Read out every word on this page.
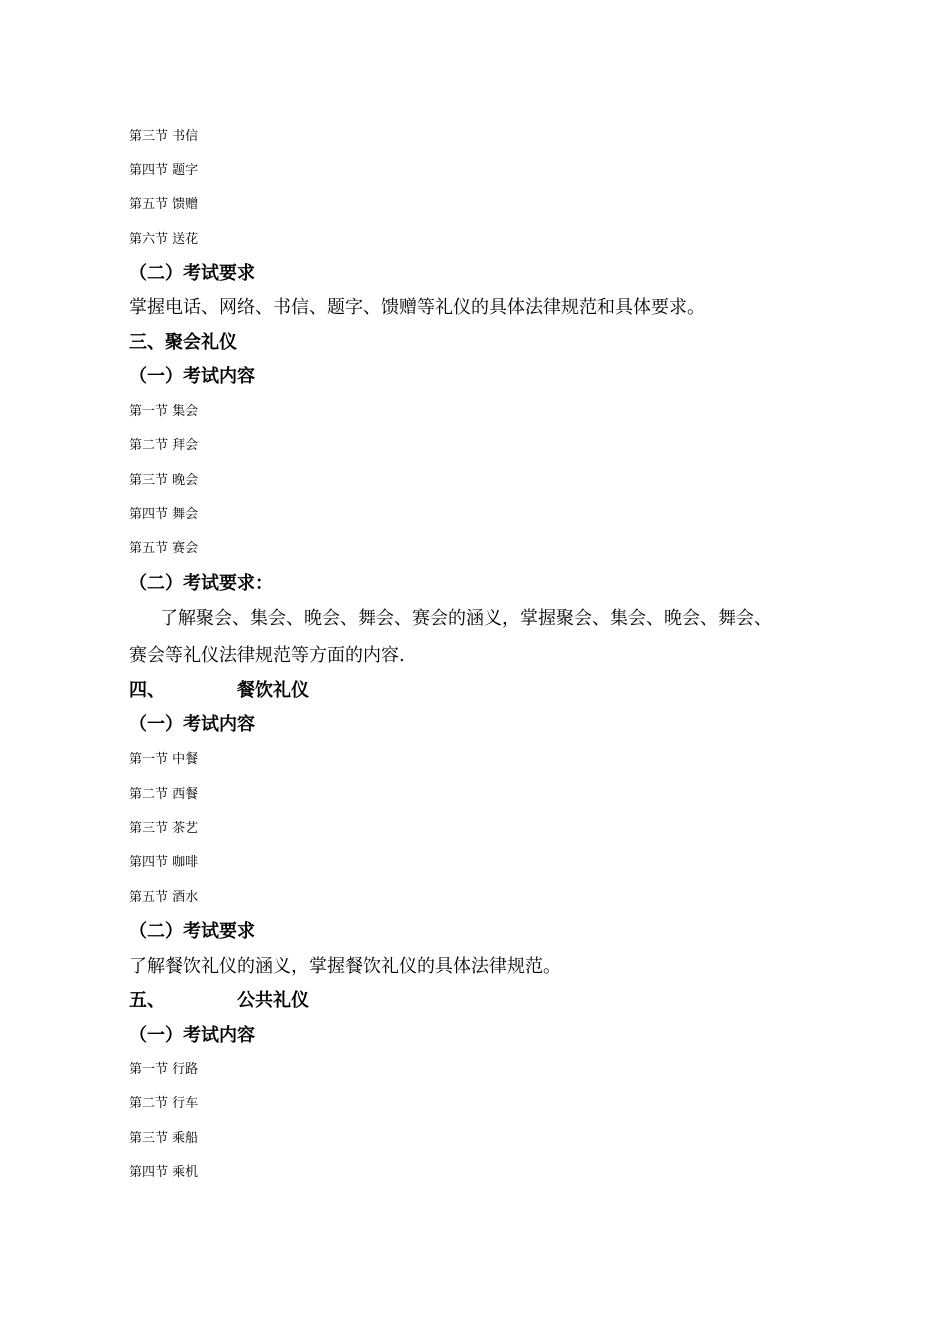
第三节 书信
第四节 题字
第五节 馈赠
第六节 送花
（二）考试要求
掌握电话、网络、书信、题字、馈赠等礼仪的具体法律规范和具体要求。
三、聚会礼仪
（一）考试内容
第一节 集会
第二节 拜会
第三节 晚会
第四节 舞会
第五节 赛会
（二）考试要求：
了解聚会、集会、晚会、舞会、赛会的涵义，掌握聚会、集会、晚会、舞会、
赛会等礼仪法律规范等方面的内容.
四、	餐饮礼仪
（一）考试内容
第一节 中餐
第二节 西餐
第三节 茶艺
第四节 咖啡
第五节 酒水
（二）考试要求
了解餐饮礼仪的涵义，掌握餐饮礼仪的具体法律规范。
五、	公共礼仪
（一）考试内容
第一节 行路
第二节 行车
第三节 乘船
第四节 乘机
